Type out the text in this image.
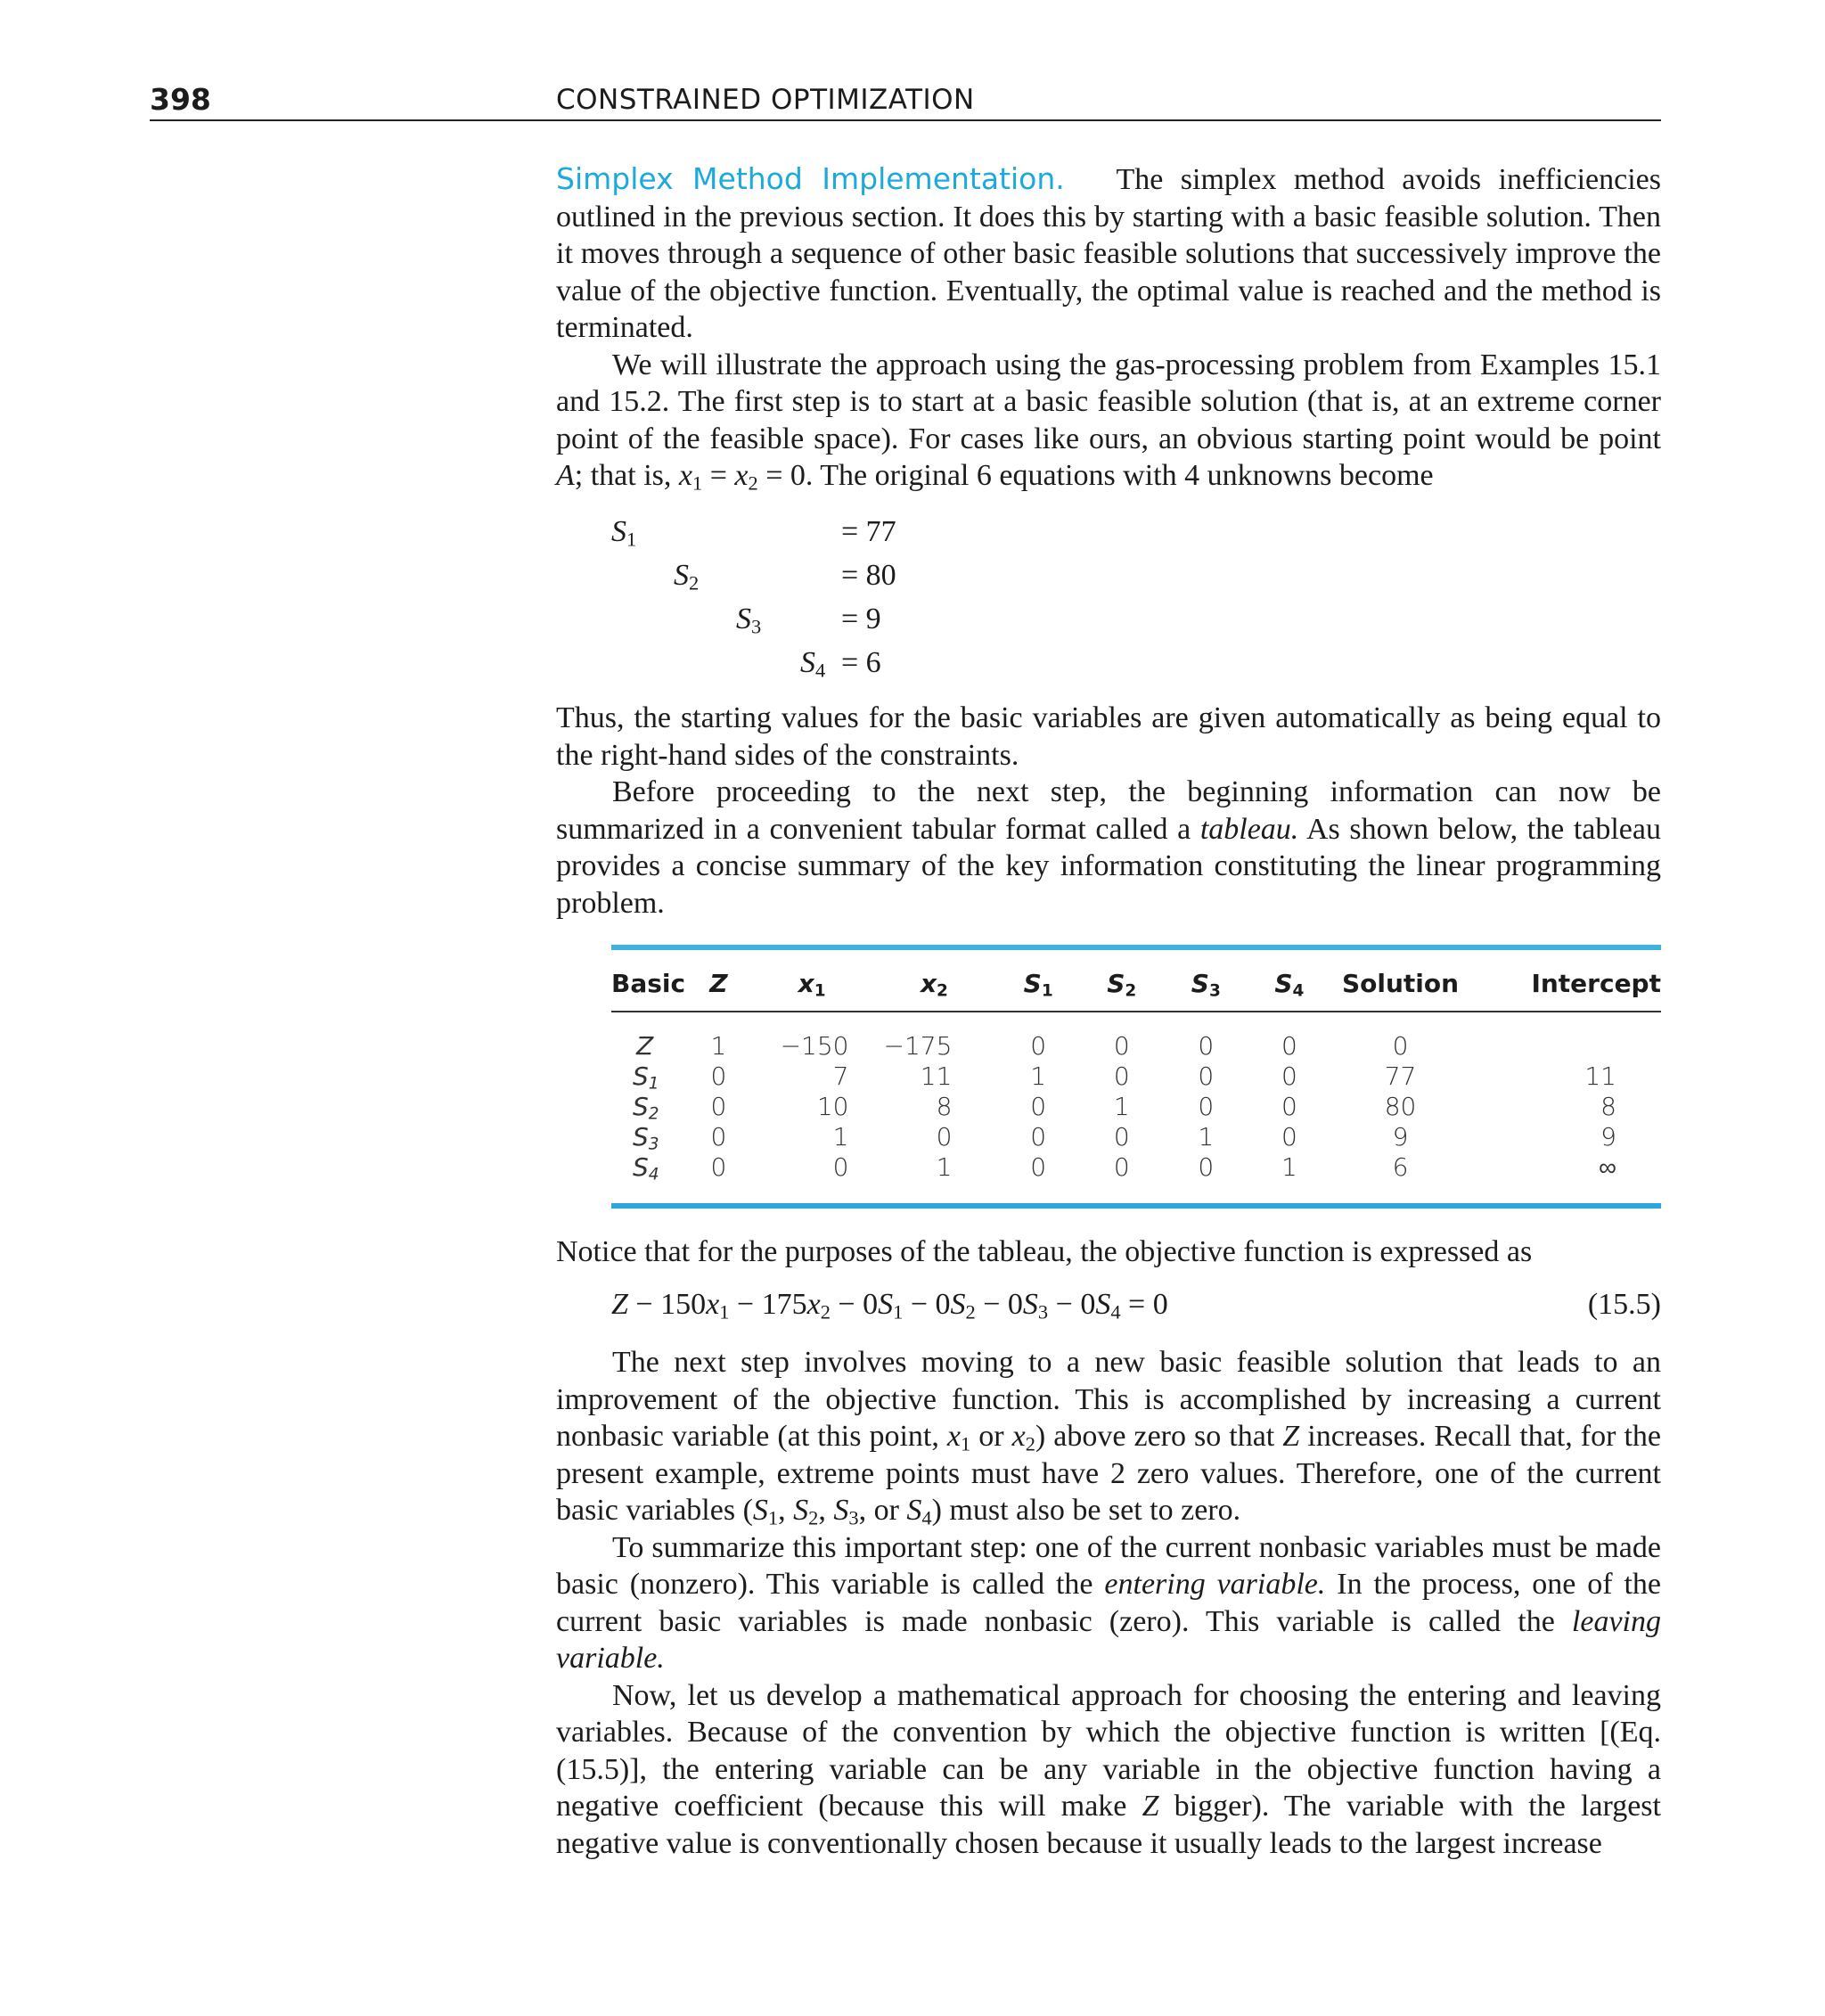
398	CONSTRAINED OPTIMIZATION

Simplex Method Implementation. The simplex method avoids inefficiencies outlined in the previous section. It does this by starting with a basic feasible solution. Then it moves through a sequence of other basic feasible solutions that successively improve the value of the objective function. Eventually, the optimal value is reached and the method is terminated.

We will illustrate the approach using the gas-processing problem from Examples 15.1 and 15.2. The first step is to start at a basic feasible solution (that is, at an extreme corner point of the feasible space). For cases like ours, an obvious starting point would be point A; that is, $x_1 = x_2 = 0$. The original 6 equations with 4 unknowns become

$S_1$	= 77
$S_2$	= 80
$S_3$	= 9
$S_4 = 6$

Thus, the starting values for the basic variables are given automatically as being equal to the right-hand sides of the constraints.

Before proceeding to the next step, the beginning information can now be summarized in a convenient tabular format called a tableau. As shown below, the tableau provides a concise summary of the key information constituting the linear programming problem.

Basic	Z	$x_1$	$x_2$	$S_1$	$S_2$	$S_3$	$S_4$	Solution	Intercept
Z	1	−150	−175	0	0	0	0	0	
$S_1$	0	7	11	1	0	0	0	77	11
$S_2$	0	10	8	0	1	0	0	80	8
$S_3$	0	1	0	0	0	1	0	9	9
$S_4$	0	0	1	0	0	0	1	6	∞

Notice that for the purposes of the tableau, the objective function is expressed as

$Z - 150x_1 - 175x_2 - 0S_1 - 0S_2 - 0S_3 - 0S_4 = 0$	(15.5)

The next step involves moving to a new basic feasible solution that leads to an improvement of the objective function. This is accomplished by increasing a current nonbasic variable (at this point, $x_1$ or $x_2$) above zero so that Z increases. Recall that, for the present example, extreme points must have 2 zero values. Therefore, one of the current basic variables ($S_1$, $S_2$, $S_3$, or $S_4$) must also be set to zero.

To summarize this important step: one of the current nonbasic variables must be made basic (nonzero). This variable is called the entering variable. In the process, one of the current basic variables is made nonbasic (zero). This variable is called the leaving variable.

Now, let us develop a mathematical approach for choosing the entering and leaving variables. Because of the convention by which the objective function is written [(Eq. (15.5)], the entering variable can be any variable in the objective function having a negative coefficient (because this will make Z bigger). The variable with the largest negative value is conventionally chosen because it usually leads to the largest increase
